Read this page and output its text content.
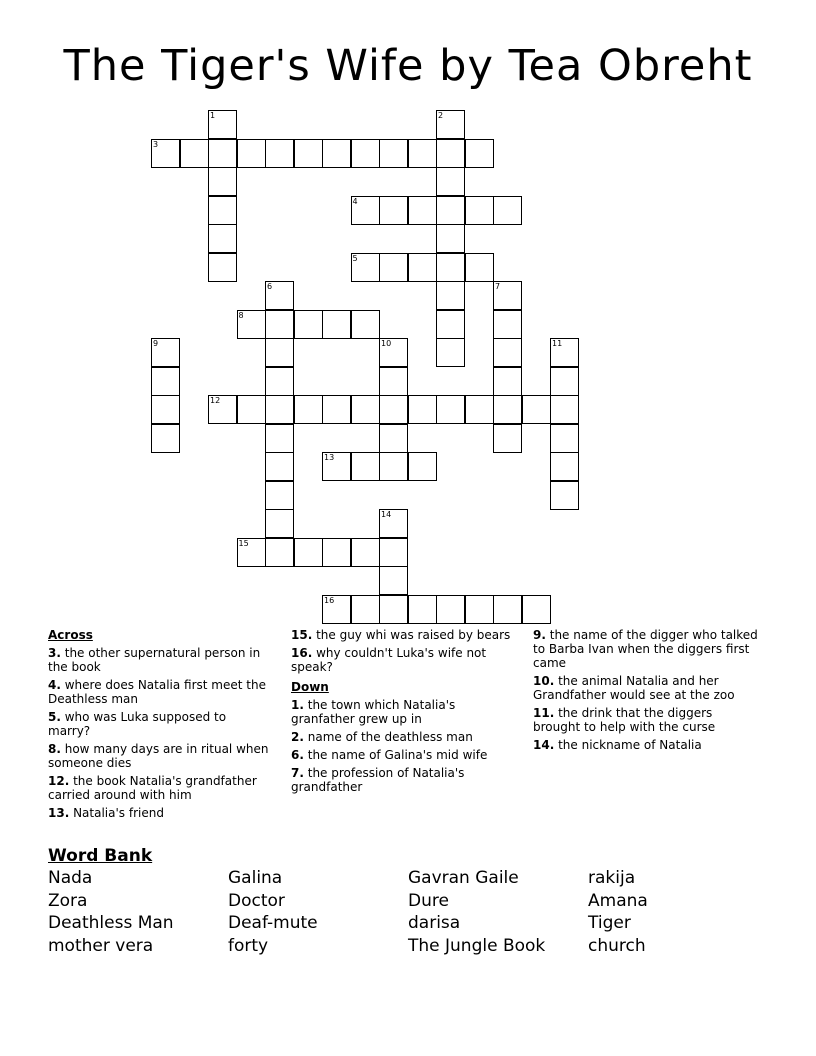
The Tiger's Wife by Tea Obreht
1	2
3
4
5
6	7
8
9	10	11
12
13
14
15
16
Across

3. the other supernatural person in the book

4. where does Natalia first meet the Deathless man

5. who was Luka supposed to marry?

8. how many days are in ritual when someone dies

12. the book Natalia's grandfather carried around with him

13. Natalia's friend

15. the guy whi was raised by bears

16. why couldn't Luka's wife not speak?

Down

1. the town which Natalia's granfather grew up in

2. name of the deathless man

6. the name of Galina's mid wife

7. the profession of Natalia's grandfather

9. the name of the digger who talked to Barba Ivan when the diggers first came

10. the animal Natalia and her Grandfather would see at the zoo

11. the drink that the diggers brought to help with the curse

14. the nickname of Natalia

Word Bank
Nada
Zora
Deathless Man
mother vera
Galina
Doctor
Deaf-mute
forty
Gavran Gaile
Dure
darisa
The Jungle Book
rakija
Amana
Tiger
church
